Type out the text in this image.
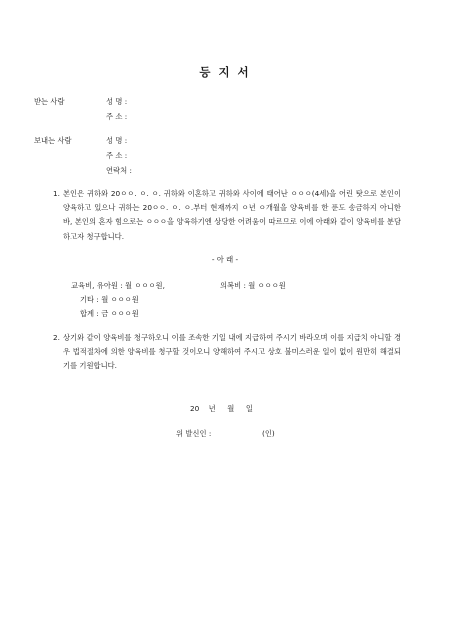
등 지 서
받는 사람	성 명 :
주 소 :
보내는 사람	성 명 :
주 소 :
연락처 :
1. 본인은 귀하와 20ㅇㅇ. ㅇ. ㅇ. 귀하와 이혼하고 귀하와 사이에 태어난 ㅇㅇㅇ(4세)을 어린 탓으로 본인이 양육하고 있으나 귀하는 20ㅇㅇ. ㅇ. ㅇ.부터 현재까지 ㅇ년 ㅇ개월을 양육비를 한 푼도 송금하지 아니한 바, 본인의 혼자 힘으로는 ㅇㅇㅇ을 양육하기엔 상당한 어려움이 따르므로 이에 아래와 같이 양육비를 분담하고자 청구합니다.
- 아 래 -
교육비, 유아원 : 월 ㅇㅇㅇ원,	의복비 : 월 ㅇㅇㅇ원
기타 : 월 ㅇㅇㅇ원
합계 : 금 ㅇㅇㅇ원
2. 상기와 같이 양육비를 청구하오니 이를 조속한 기일 내에 지급하여 주시기 바라오며 이를 지급치 아니할 경우 법적절차에 의한 양육비를 청구할 것이오니 양해하여 주시고 상호 불미스러운 일이 없이 원만히 해결되기를 기원합니다.
20    년     월     일
위 발신인 :	(인)
